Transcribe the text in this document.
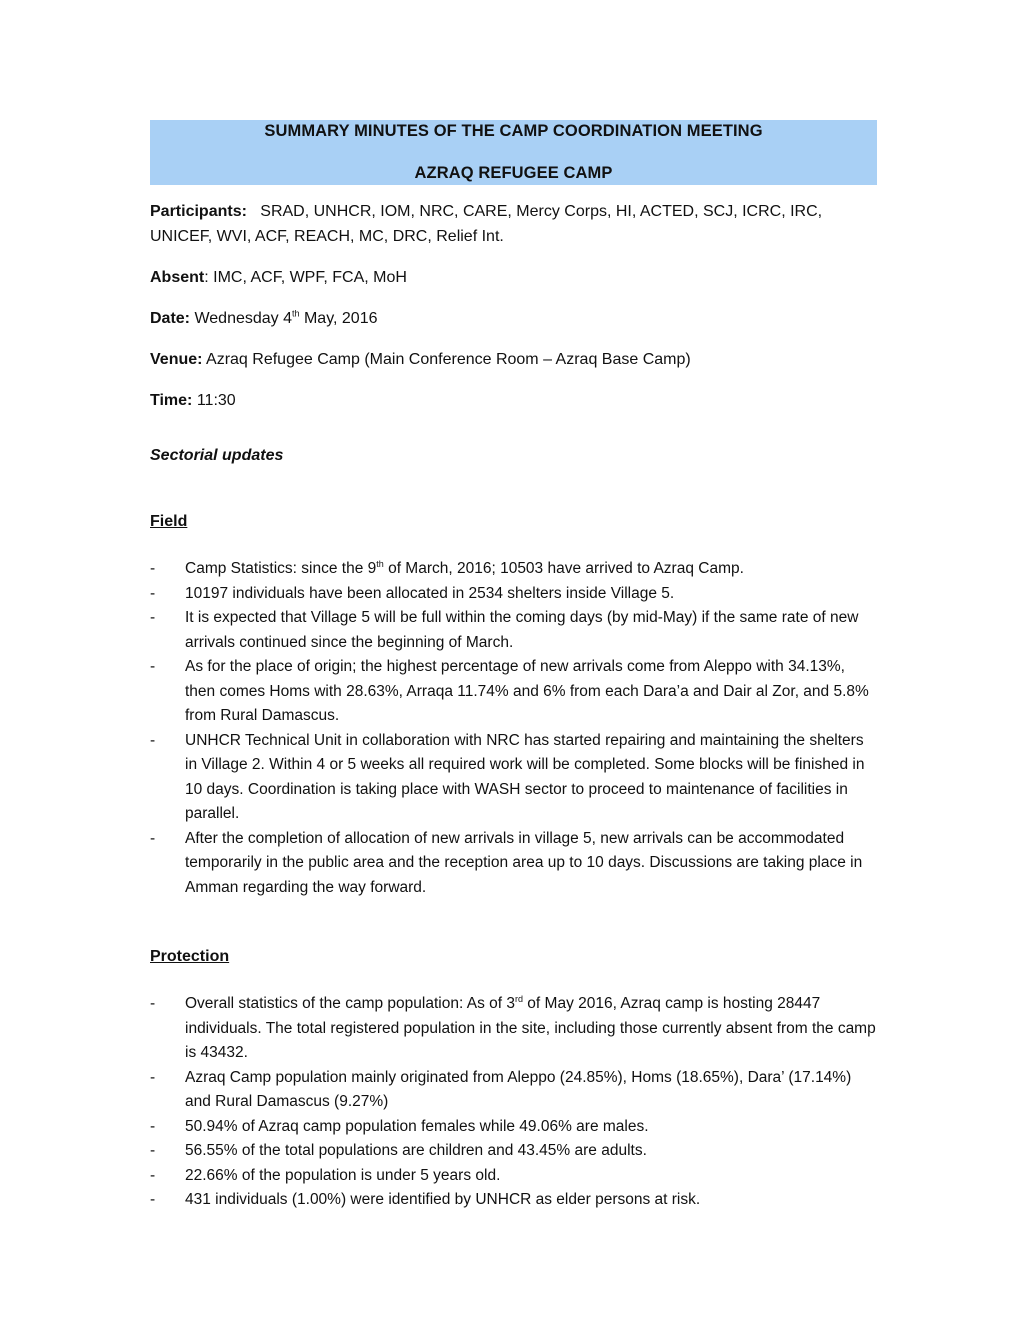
SUMMARY MINUTES OF THE CAMP COORDINATION MEETING
AZRAQ REFUGEE CAMP

Participants: SRAD, UNHCR, IOM, NRC, CARE, Mercy Corps, HI, ACTED, SCJ, ICRC, IRC, UNICEF, WVI, ACF, REACH, MC, DRC, Relief Int.

Absent: IMC, ACF, WPF, FCA, MoH

Date: Wednesday 4th May, 2016

Venue: Azraq Refugee Camp (Main Conference Room – Azraq Base Camp)

Time: 11:30

Sectorial updates
Field
- Camp Statistics: since the 9th of March, 2016; 10503 have arrived to Azraq Camp.
- 10197 individuals have been allocated in 2534 shelters inside Village 5.
- It is expected that Village 5 will be full within the coming days (by mid-May) if the same rate of new arrivals continued since the beginning of March.
- As for the place of origin; the highest percentage of new arrivals come from Aleppo with 34.13%, then comes Homs with 28.63%, Arraqa 11.74% and 6% from each Dara’a and Dair al Zor, and 5.8% from Rural Damascus.
- UNHCR Technical Unit in collaboration with NRC has started repairing and maintaining the shelters in Village 2. Within 4 or 5 weeks all required work will be completed. Some blocks will be finished in 10 days. Coordination is taking place with WASH sector to proceed to maintenance of facilities in parallel.
- After the completion of allocation of new arrivals in village 5, new arrivals can be accommodated temporarily in the public area and the reception area up to 10 days. Discussions are taking place in Amman regarding the way forward.
Protection
- Overall statistics of the camp population: As of 3rd of May 2016, Azraq camp is hosting 28447 individuals. The total registered population in the site, including those currently absent from the camp is 43432.
- Azraq Camp population mainly originated from Aleppo (24.85%), Homs (18.65%), Dara’ (17.14%) and Rural Damascus (9.27%)
- 50.94% of Azraq camp population females while 49.06% are males.
- 56.55% of the total populations are children and 43.45% are adults.
- 22.66% of the population is under 5 years old.
- 431 individuals (1.00%) were identified by UNHCR as elder persons at risk.
